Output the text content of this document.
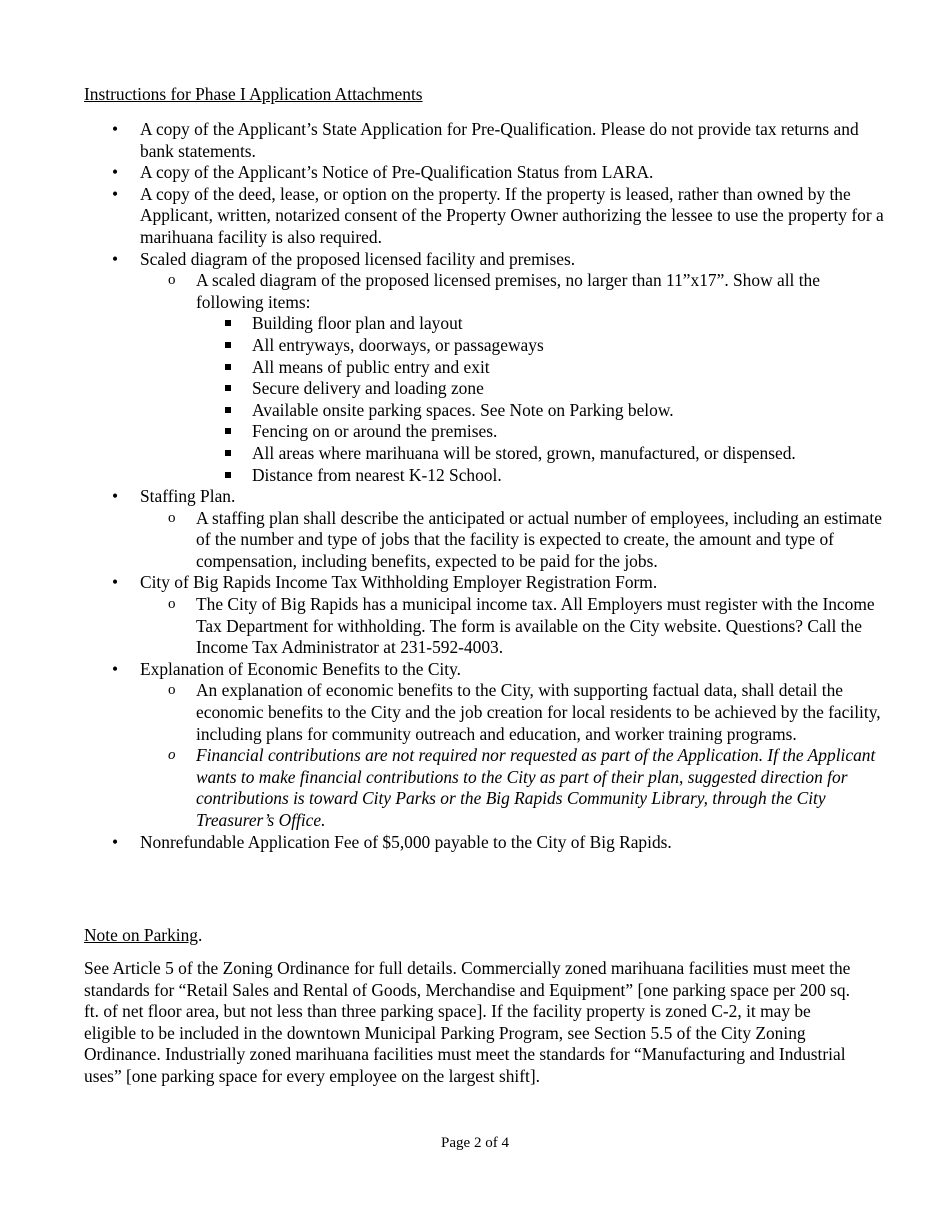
Instructions for Phase I Application Attachments
• A copy of the Applicant’s State Application for Pre-Qualification. Please do not provide tax returns and bank statements.
• A copy of the Applicant’s Notice of Pre-Qualification Status from LARA.
• A copy of the deed, lease, or option on the property. If the property is leased, rather than owned by the Applicant, written, notarized consent of the Property Owner authorizing the lessee to use the property for a marihuana facility is also required.
• Scaled diagram of the proposed licensed facility and premises.
o A scaled diagram of the proposed licensed premises, no larger than 11”x17”. Show all the following items:
Building floor plan and layout
All entryways, doorways, or passageways
All means of public entry and exit
Secure delivery and loading zone
Available onsite parking spaces. See Note on Parking below.
Fencing on or around the premises.
All areas where marihuana will be stored, grown, manufactured, or dispensed.
Distance from nearest K-12 School.
• Staffing Plan.
o A staffing plan shall describe the anticipated or actual number of employees, including an estimate of the number and type of jobs that the facility is expected to create, the amount and type of compensation, including benefits, expected to be paid for the jobs.
• City of Big Rapids Income Tax Withholding Employer Registration Form.
o The City of Big Rapids has a municipal income tax. All Employers must register with the Income Tax Department for withholding. The form is available on the City website. Questions? Call the Income Tax Administrator at 231-592-4003.
• Explanation of Economic Benefits to the City.
o An explanation of economic benefits to the City, with supporting factual data, shall detail the economic benefits to the City and the job creation for local residents to be achieved by the facility, including plans for community outreach and education, and worker training programs.
o Financial contributions are not required nor requested as part of the Application. If the Applicant wants to make financial contributions to the City as part of their plan, suggested direction for contributions is toward City Parks or the Big Rapids Community Library, through the City Treasurer’s Office.
• Nonrefundable Application Fee of $5,000 payable to the City of Big Rapids.
Note on Parking.
See Article 5 of the Zoning Ordinance for full details. Commercially zoned marihuana facilities must meet the standards for “Retail Sales and Rental of Goods, Merchandise and Equipment” [one parking space per 200 sq. ft. of net floor area, but not less than three parking space]. If the facility property is zoned C-2, it may be eligible to be included in the downtown Municipal Parking Program, see Section 5.5 of the City Zoning Ordinance. Industrially zoned marihuana facilities must meet the standards for “Manufacturing and Industrial uses” [one parking space for every employee on the largest shift].
Page 2 of 4
